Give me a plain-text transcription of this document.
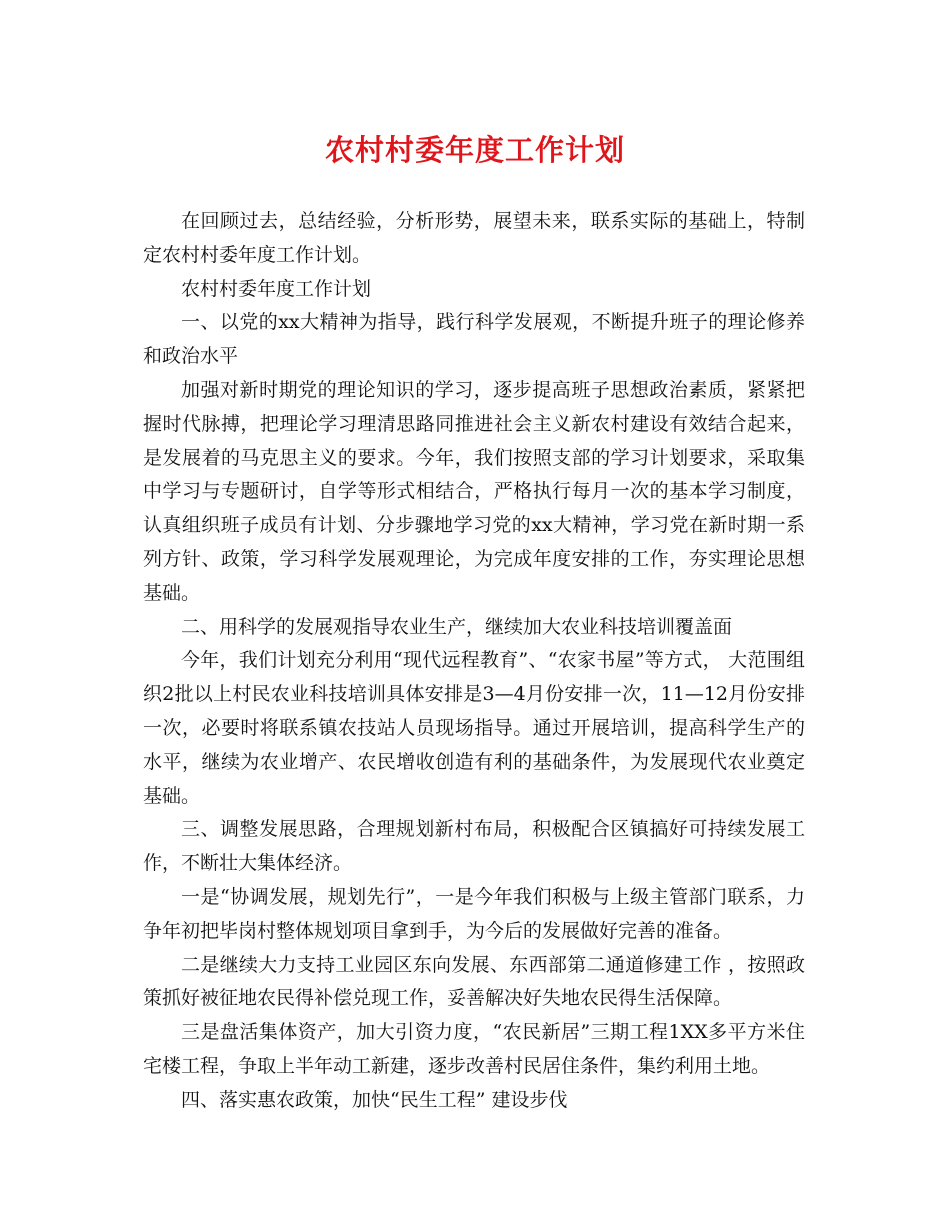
农村村委年度工作计划

在回顾过去，总结经验，分析形势，展望未来，联系实际的基础上，特制定农村村委年度工作计划。

农村村委年度工作计划

一、以党的xx大精神为指导，践行科学发展观，不断提升班子的理论修养和政治水平

加强对新时期党的理论知识的学习，逐步提高班子思想政治素质，紧紧把握时代脉搏，把理论学习理清思路同推进社会主义新农村建设有效结合起来，是发展着的马克思主义的要求。今年，我们按照支部的学习计划要求，采取集中学习与专题研讨，自学等形式相结合，严格执行每月一次的基本学习制度，认真组织班子成员有计划、分步骤地学习党的xx大精神，学习党在新时期一系列方针、政策，学习科学发展观理论，为完成年度安排的工作，夯实理论思想基础。

二、用科学的发展观指导农业生产，继续加大农业科技培训覆盖面

今年，我们计划充分利用“现代远程教育”、“农家书屋”等方式， 大范围组织2批以上村民农业科技培训具体安排是3—4月份安排一次，11—12月份安排一次，必要时将联系镇农技站人员现场指导。通过开展培训，提高科学生产的水平，继续为农业增产、农民增收创造有利的基础条件，为发展现代农业奠定基础。

三、调整发展思路，合理规划新村布局，积极配合区镇搞好可持续发展工作，不断壮大集体经济。

一是“协调发展，规划先行”，一是今年我们积极与上级主管部门联系，力争年初把毕岗村整体规划项目拿到手，为今后的发展做好完善的准备。

二是继续大力支持工业园区东向发展、东西部第二通道修建工作 ，按照政策抓好被征地农民得补偿兑现工作，妥善解决好失地农民得生活保障。

三是盘活集体资产，加大引资力度，“农民新居”三期工程1XX多平方米住宅楼工程，争取上半年动工新建，逐步改善村民居住条件，集约利用土地。

四、落实惠农政策，加快“民生工程” 建设步伐
